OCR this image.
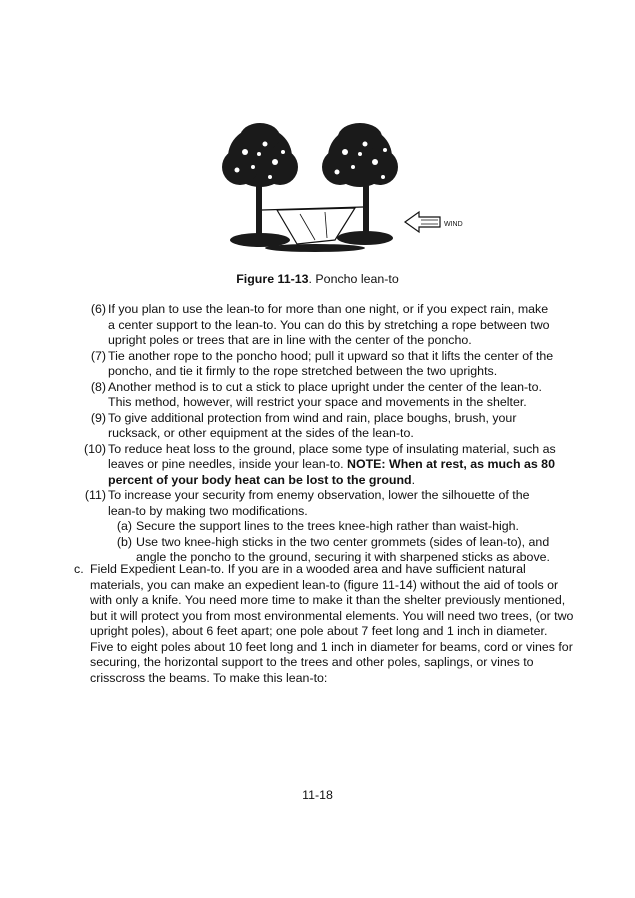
WIND
Figure 11-13. Poncho lean-to

(6) If you plan to use the lean-to for more than one night, or if you expect rain, make a center support to the lean-to. You can do this by stretching a rope between two upright poles or trees that are in line with the center of the poncho.

(7) Tie another rope to the poncho hood; pull it upward so that it lifts the center of the poncho, and tie it firmly to the rope stretched between the two uprights.

(8) Another method is to cut a stick to place upright under the center of the lean-to. This method, however, will restrict your space and movements in the shelter.

(9) To give additional protection from wind and rain, place boughs, brush, your rucksack, or other equipment at the sides of the lean-to.

(10) To reduce heat loss to the ground, place some type of insulating material, such as leaves or pine needles, inside your lean-to. NOTE: When at rest, as much as 80 percent of your body heat can be lost to the ground.

(11) To increase your security from enemy observation, lower the silhouette of the lean-to by making two modifications.

(a) Secure the support lines to the trees knee-high rather than waist-high.

(b) Use two knee-high sticks in the two center grommets (sides of lean-to), and angle the poncho to the ground, securing it with sharpened sticks as above.

c. Field Expedient Lean-to. If you are in a wooded area and have sufficient natural materials, you can make an expedient lean-to (figure 11-14) without the aid of tools or with only a knife. You need more time to make it than the shelter previously mentioned, but it will protect you from most environmental elements. You will need two trees, (or two upright poles), about 6 feet apart; one pole about 7 feet long and 1 inch in diameter. Five to eight poles about 10 feet long and 1 inch in diameter for beams, cord or vines for securing, the horizontal support to the trees and other poles, saplings, or vines to crisscross the beams. To make this lean-to:
11-18
